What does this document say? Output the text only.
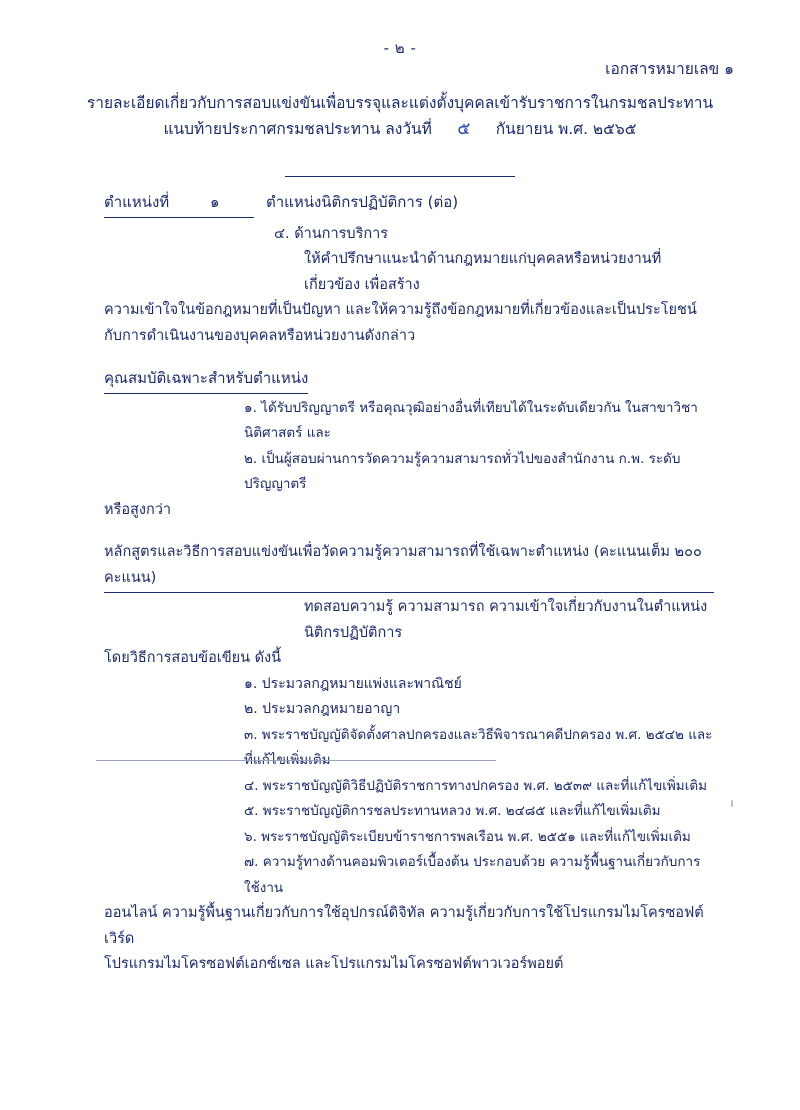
- ๒ -
เอกสารหมายเลข ๑
รายละเอียดเกี่ยวกับการสอบแข่งขันเพื่อบรรจุและแต่งตั้งบุคคลเข้ารับราชการในกรมชลประทาน
แนบท้ายประกาศกรมชลประทาน ลงวันที่ ๕ กันยายน พ.ศ. ๒๕๖๕
ตำแหน่งที่	๑	ตำแหน่งนิติกรปฏิบัติการ (ต่อ)
๔. ด้านการบริการ
ให้คำปรึกษาแนะนำด้านกฎหมายแก่บุคคลหรือหน่วยงานที่เกี่ยวข้อง เพื่อสร้าง
ความเข้าใจในข้อกฎหมายที่เป็นปัญหา และให้ความรู้ถึงข้อกฎหมายที่เกี่ยวข้องและเป็นประโยชน์
กับการดำเนินงานของบุคคลหรือหน่วยงานดังกล่าว
คุณสมบัติเฉพาะสำหรับตำแหน่ง
๑. ได้รับปริญญาตรี หรือคุณวุฒิอย่างอื่นที่เทียบได้ในระดับเดียวกัน ในสาขาวิชานิติศาสตร์ และ
๒. เป็นผู้สอบผ่านการวัดความรู้ความสามารถทั่วไปของสำนักงาน ก.พ. ระดับปริญญาตรี
หรือสูงกว่า
หลักสูตรและวิธีการสอบแข่งขันเพื่อวัดความรู้ความสามารถที่ใช้เฉพาะตำแหน่ง (คะแนนเต็ม ๒๐๐ คะแนน)
ทดสอบความรู้ ความสามารถ ความเข้าใจเกี่ยวกับงานในตำแหน่งนิติกรปฏิบัติการ
โดยวิธีการสอบข้อเขียน ดังนี้
๑. ประมวลกฎหมายแพ่งและพาณิชย์
๒. ประมวลกฎหมายอาญา
๓. พระราชบัญญัติจัดตั้งศาลปกครองและวิธีพิจารณาคดีปกครอง พ.ศ. ๒๕๔๒ และที่แก้ไขเพิ่มเติม
๔. พระราชบัญญัติวิธีปฏิบัติราชการทางปกครอง พ.ศ. ๒๕๓๙ และที่แก้ไขเพิ่มเติม
๕. พระราชบัญญัติการชลประทานหลวง พ.ศ. ๒๔๘๕ และที่แก้ไขเพิ่มเติม
๖. พระราชบัญญัติระเบียบข้าราชการพลเรือน พ.ศ. ๒๕๕๑ และที่แก้ไขเพิ่มเติม
๗. ความรู้ทางด้านคอมพิวเตอร์เบื้องต้น ประกอบด้วย ความรู้พื้นฐานเกี่ยวกับการใช้งาน
ออนไลน์ ความรู้พื้นฐานเกี่ยวกับการใช้อุปกรณ์ดิจิทัล ความรู้เกี่ยวกับการใช้โปรแกรมไมโครซอฟต์เวิร์ด
โปรแกรมไมโครซอฟต์เอกซ์เซล และโปรแกรมไมโครซอฟต์พาวเวอร์พอยต์
